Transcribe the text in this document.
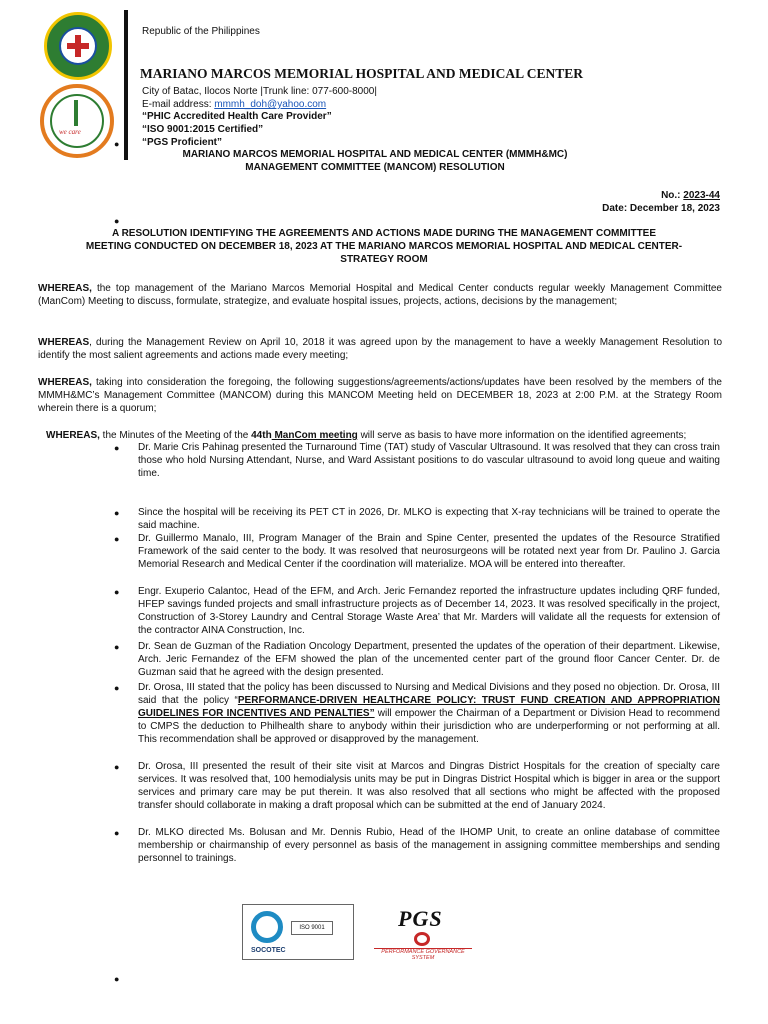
we care
Republic of the Philippines
MARIANO MARCOS MEMORIAL HOSPITAL AND MEDICAL CENTER
City of Batac, Ilocos Norte |Trunk line: 077-600-8000|
E-mail address: mmmh_doh@yahoo.com
“PHIC Accredited Health Care Provider”
“ISO 9001:2015 Certified”
“PGS Proficient”
●
MARIANO MARCOS MEMORIAL HOSPITAL AND MEDICAL CENTER (MMMH&MC)
MANAGEMENT COMMITTEE (MANCOM) RESOLUTION
No.: 2023-44
Date: December 18, 2023
●
A RESOLUTION IDENTIFYING THE AGREEMENTS AND ACTIONS MADE DURING THE MANAGEMENT COMMITTEE
MEETING CONDUCTED ON DECEMBER 18, 2023 AT THE MARIANO MARCOS MEMORIAL HOSPITAL AND MEDICAL CENTER-
STRATEGY ROOM
WHEREAS, the top management of the Mariano Marcos Memorial Hospital and Medical Center conducts regular weekly Management Committee (ManCom) Meeting to discuss, formulate, strategize, and evaluate hospital issues, projects, actions, decisions by the management;
WHEREAS, during the Management Review on April 10, 2018 it was agreed upon by the management to have a weekly Management Resolution to identify the most salient agreements and actions made every meeting;
WHEREAS, taking into consideration the foregoing, the following suggestions/agreements/actions/updates have been resolved by the members of the MMMH&MC’s Management Committee (MANCOM) during this MANCOM Meeting held on DECEMBER 18, 2023 at 2:00 P.M. at the Strategy Room wherein there is a quorum;
WHEREAS, the Minutes of the Meeting of the 44th ManCom meeting will serve as basis to have more information on the identified agreements;
● Dr. Marie Cris Pahinag presented the Turnaround Time (TAT) study of Vascular Ultrasound. It was resolved that they can cross train those who hold Nursing Attendant, Nurse, and Ward Assistant positions to do vascular ultrasound to avoid long queue and waiting time.
● Since the hospital will be receiving its PET CT in 2026, Dr. MLKO is expecting that X-ray technicians will be trained to operate the said machine.
● Dr. Guillermo Manalo, III, Program Manager of the Brain and Spine Center, presented the updates of the Resource Stratified Framework of the said center to the body. It was resolved that neurosurgeons will be rotated next year from Dr. Paulino J. Garcia Memorial Research and Medical Center if the coordination will materialize. MOA will be entered into thereafter.
● Engr. Exuperio Calantoc, Head of the EFM, and Arch. Jeric Fernandez reported the infrastructure updates including QRF funded, HFEP savings funded projects and small infrastructure projects as of December 14, 2023. It was resolved specifically in the project, Construction of 3-Storey Laundry and Central Storage Waste Area’ that Mr. Marders will validate all the requests for extension of the contractor AINA Construction, Inc.
● Dr. Sean de Guzman of the Radiation Oncology Department, presented the updates of the operation of their department. Likewise, Arch. Jeric Fernandez of the EFM showed the plan of the uncemented center part of the ground floor Cancer Center. Dr. de Guzman said that he agreed with the design presented.
● Dr. Orosa, III stated that the policy has been discussed to Nursing and Medical Divisions and they posed no objection. Dr. Orosa, III said that the policy “PERFORMANCE-DRIVEN HEALTHCARE POLICY: TRUST FUND CREATION AND APPROPRIATION GUIDELINES FOR INCENTIVES AND PENALTIES” will empower the Chairman of a Department or Division Head to recommend to CMPS the deduction to Philhealth share to anybody within their jurisdiction who are underperforming or not performing at all. This recommendation shall be approved or disapproved by the management.
● Dr. Orosa, III presented the result of their site visit at Marcos and Dingras District Hospitals for the creation of specialty care services. It was resolved that, 100 hemodialysis units may be put in Dingras District Hospital which is bigger in area or the support services and primary care may be put therein. It was also resolved that all sections who might be affected with the proposed transfer should collaborate in making a draft proposal which can be submitted at the end of January 2024.
● Dr. MLKO directed Ms. Bolusan and Mr. Dennis Rubio, Head of the IHOMP Unit, to create an online database of committee membership or chairmanship of every personnel as basis of the management in assigning committee memberships and sending personnel to trainings.
ISO 9001
SOCOTEC
PGS
PERFORMANCE GOVERNANCE SYSTEM
●
